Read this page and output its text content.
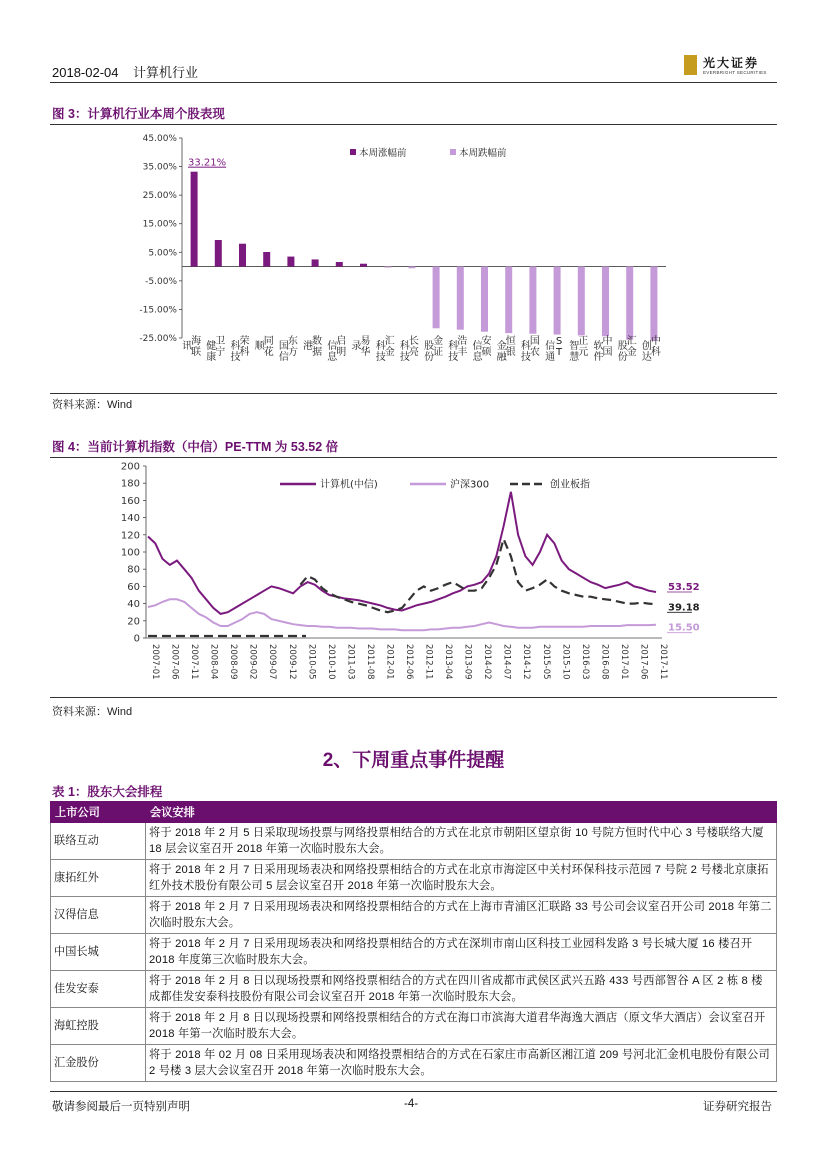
2018-02-04 计算机行业
光大证券
EVERBRIGHT SECURITIES
图 3：计算机行业本周个股表现
45.00%
35.00%
25.00%
15.00%
5.00%
-5.00%
-15.00%
-25.00%
33.21%
海
联
讯 卫
宁
健
康
荣
科
科
技
同
花
顺 东
方
国
信
数
据
港 启
明
信
息
易
华
录 汇
金
科
技
长
亮
科
技
金
证
股
份
浩
丰
科
技
安
硕
信
息
恒
银
金
融
国
农
科
技
S
T
信
通
正
元
智
慧
中
国
软
件
汇
金
股
份
中
科
创
达
本周涨幅前	本周跌幅前
资料来源：Wind
图 4：当前计算机指数（中信）PE-TTM 为 53.52 倍
0
20
40
60
80
100
120
140
160
180
200
2007-01 2007-06 2007-11 2008-04 2008-09 2009-02 2009-07 2009-12 2010-05 2010-10 2011-03 2011-08 2012-01 2012-06 2012-11 2013-04 2013-09 2014-02 2014-07 2014-12 2015-05 2015-10 2016-03 2016-08 2017-01 2017-06 2017-11
53.52
39.18
15.50
计算机(中信)	沪深300	创业板指
资料来源：Wind
2、下周重点事件提醒
表 1：股东大会排程
上市公司	会议安排
联络互动	将于 2018 年 2 月 5 日采取现场投票与网络投票相结合的方式在北京市朝阳区望京街 10 号院方恒时代中心 3 号楼联络大厦 18 层会议室召开 2018 年第一次临时股东大会。
康拓红外	将于 2018 年 2 月 7 日采用现场表决和网络投票相结合的方式在北京市海淀区中关村环保科技示范园 7 号院 2 号楼北京康拓红外技术股份有限公司 5 层会议室召开 2018 年第一次临时股东大会。
汉得信息	将于 2018 年 2 月 7 日采用现场表决和网络投票相结合的方式在上海市青浦区汇联路 33 号公司会议室召开公司 2018 年第二次临时股东大会。
中国长城	将于 2018 年 2 月 7 日采用现场表决和网络投票相结合的方式在深圳市南山区科技工业园科发路 3 号长城大厦 16 楼召开 2018 年度第三次临时股东大会。
佳发安泰	将于 2018 年 2 月 8 日以现场投票和网络投票相结合的方式在四川省成都市武侯区武兴五路 433 号西部智谷 A 区 2 栋 8 楼成都佳发安泰科技股份有限公司会议室召开 2018 年第一次临时股东大会。
海虹控股	将于 2018 年 2 月 8 日以现场投票和网络投票相结合的方式在海口市滨海大道君华海逸大酒店（原文华大酒店）会议室召开 2018 年第一次临时股东大会。
汇金股份	将于 2018 年 02 月 08 日采用现场表决和网络投票相结合的方式在石家庄市高新区湘江道 209 号河北汇金机电股份有限公司 2 号楼 3 层大会议室召开 2018 年第一次临时股东大会。
敬请参阅最后一页特别声明	-4-	证券研究报告
